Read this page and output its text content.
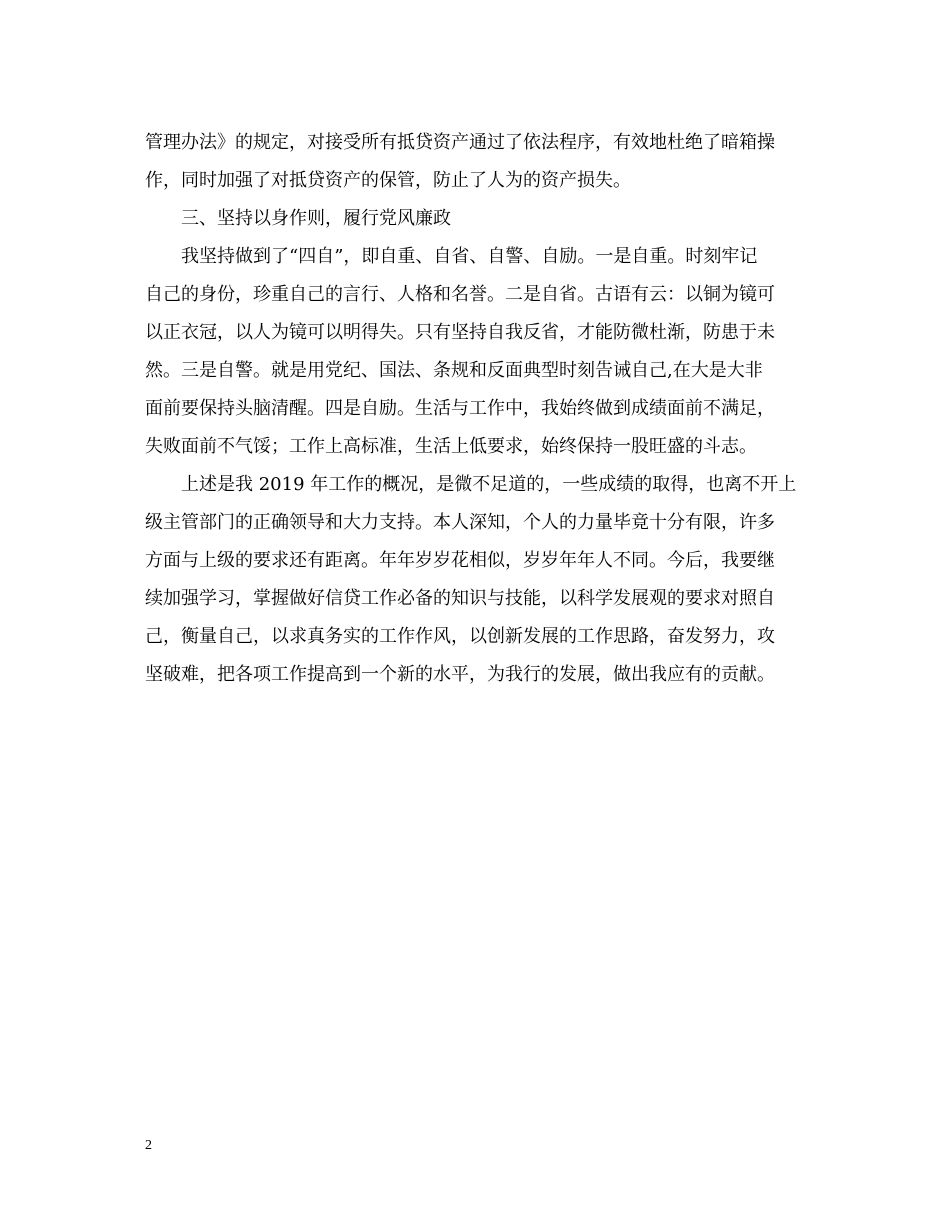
管理办法》的规定，对接受所有抵贷资产通过了依法程序，有效地杜绝了暗箱操
作，同时加强了对抵贷资产的保管，防止了人为的资产损失。
三、坚持以身作则，履行党风廉政
我坚持做到了“四自”，即自重、自省、自警、自励。一是自重。时刻牢记
自己的身份，珍重自己的言行、人格和名誉。二是自省。古语有云：以铜为镜可
以正衣冠，以人为镜可以明得失。只有坚持自我反省，才能防微杜渐，防患于未
然。三是自警。就是用党纪、国法、条规和反面典型时刻告诫自己,在大是大非
面前要保持头脑清醒。四是自励。生活与工作中，我始终做到成绩面前不满足，
失败面前不气馁；工作上高标准，生活上低要求，始终保持一股旺盛的斗志。
上述是我 2019 年工作的概况，是微不足道的，一些成绩的取得，也离不开上
级主管部门的正确领导和大力支持。本人深知，个人的力量毕竟十分有限，许多
方面与上级的要求还有距离。年年岁岁花相似，岁岁年年人不同。今后，我要继
续加强学习，掌握做好信贷工作必备的知识与技能，以科学发展观的要求对照自
己，衡量自己，以求真务实的工作作风，以创新发展的工作思路，奋发努力，攻
坚破难，把各项工作提高到一个新的水平，为我行的发展，做出我应有的贡献。
2
